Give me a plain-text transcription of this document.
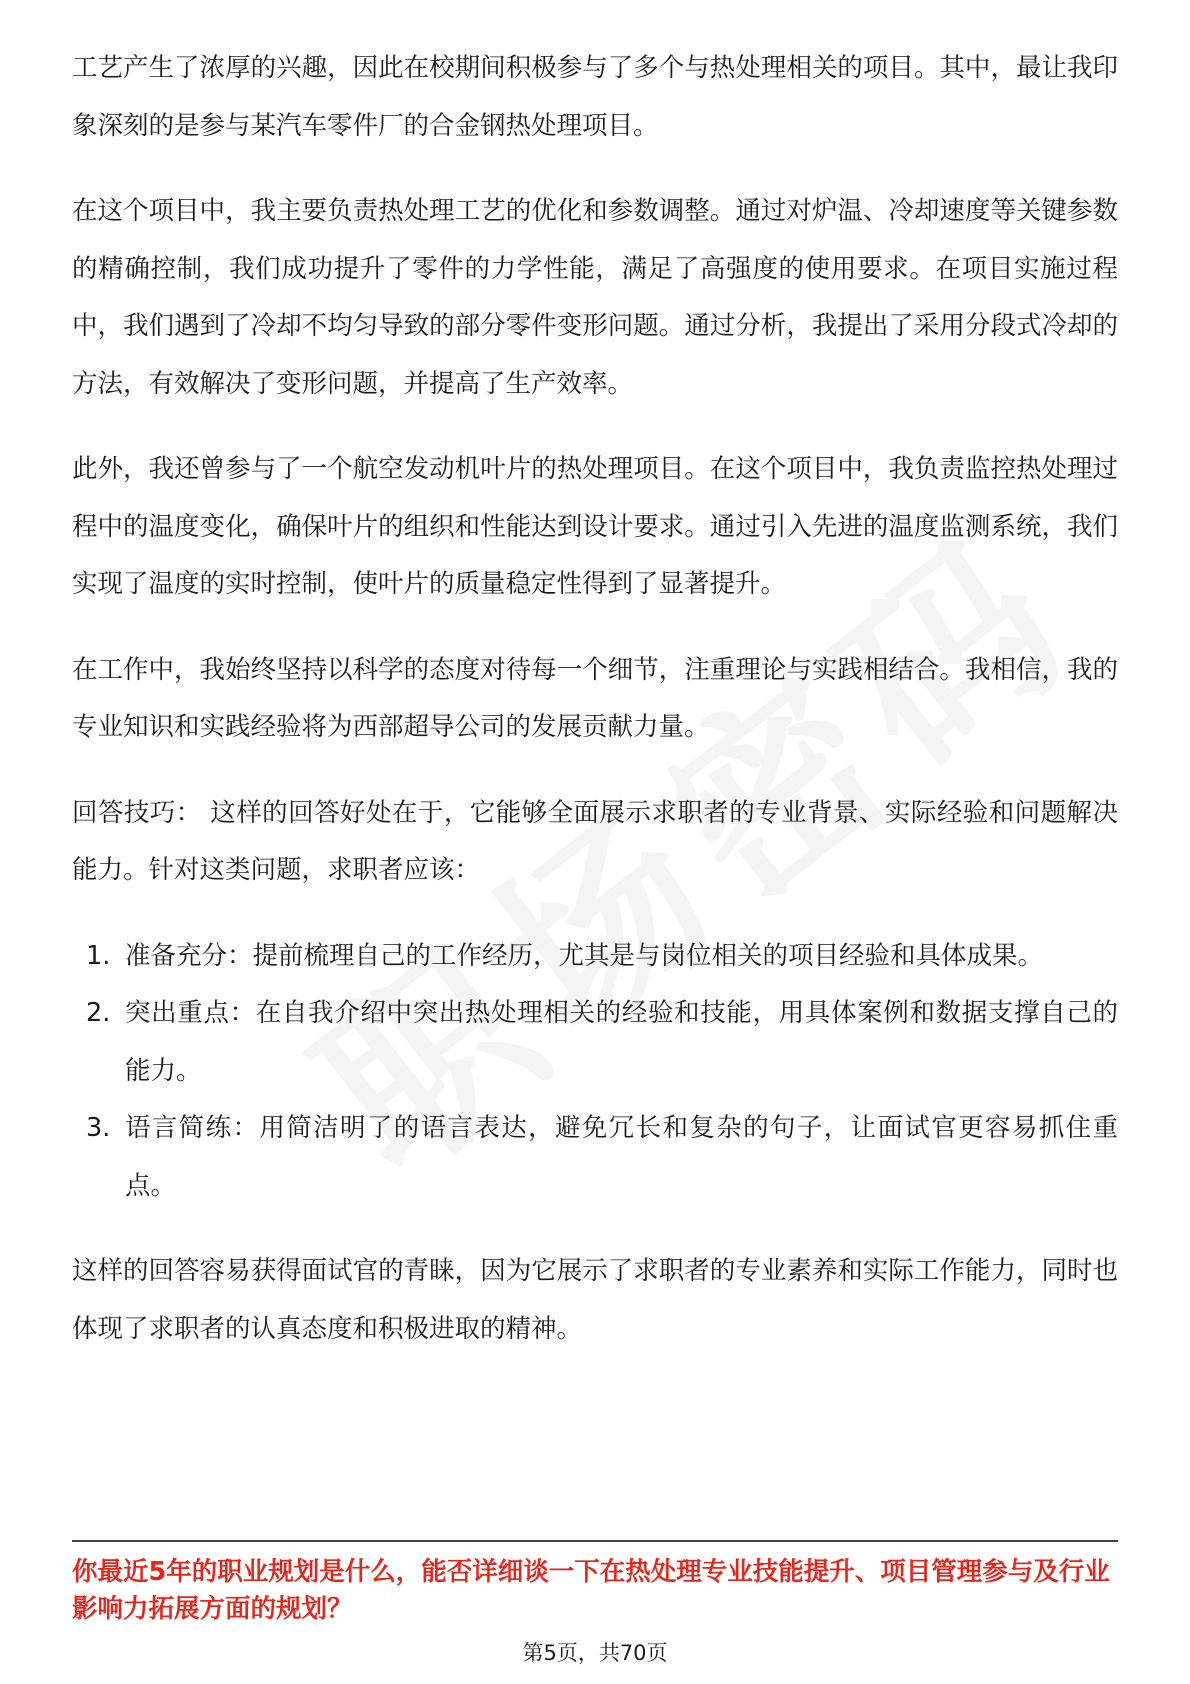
工艺产生了浓厚的兴趣，因此在校期间积极参与了多个与热处理相关的项目。其中，最让我印象深刻的是参与某汽车零件厂的合金钢热处理项目。

在这个项目中，我主要负责热处理工艺的优化和参数调整。通过对炉温、冷却速度等关键参数的精确控制，我们成功提升了零件的力学性能，满足了高强度的使用要求。在项目实施过程中，我们遇到了冷却不均匀导致的部分零件变形问题。通过分析，我提出了采用分段式冷却的方法，有效解决了变形问题，并提高了生产效率。

此外，我还曾参与了一个航空发动机叶片的热处理项目。在这个项目中，我负责监控热处理过程中的温度变化，确保叶片的组织和性能达到设计要求。通过引入先进的温度监测系统，我们实现了温度的实时控制，使叶片的质量稳定性得到了显著提升。

在工作中，我始终坚持以科学的态度对待每一个细节，注重理论与实践相结合。我相信，我的专业知识和实践经验将为西部超导公司的发展贡献力量。

回答技巧： 这样的回答好处在于，它能够全面展示求职者的专业背景、实际经验和问题解决能力。针对这类问题，求职者应该：

1. 准备充分：提前梳理自己的工作经历，尤其是与岗位相关的项目经验和具体成果。
2. 突出重点：在自我介绍中突出热处理相关的经验和技能，用具体案例和数据支撑自己的能力。
3. 语言简练：用简洁明了的语言表达，避免冗长和复杂的句子，让面试官更容易抓住重点。

这样的回答容易获得面试官的青睐，因为它展示了求职者的专业素养和实际工作能力，同时也体现了求职者的认真态度和积极进取的精神。

你最近5年的职业规划是什么，能否详细谈一下在热处理专业技能提升、项目管理参与及行业影响力拓展方面的规划？
第5页，共70页
